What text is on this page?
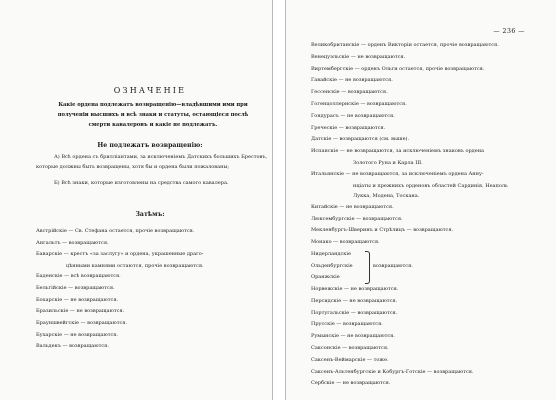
ОЗНАЧЕНІЕ
Какіе ордена подлежатъ возвращенію—владѣвшими ими при полученіи высшихъ и всѣ знаки и статуты, остающіеся послѣ смерти кавалеровъ и какіе не подлежатъ.
Не подлежатъ возвращенію:
А) Всѣ ордена съ бриллiантами, за исключеніемъ Датскихъ большихъ Брестовъ, которые должны быть возвращены, хотя бы и ордена были пожалованы;
Б) Всѣ знаки, которые изготовлены на средства самого кавалера.
Затѣмъ:
Австрійскіе — Св. Стефана остается, прочіе возвращаются.
Ангальтъ — возвращаются.
Баварскіе — крестъ «за заслугу» и ордена, украшенные драго-
цѣнными камнями остаются, прочіе возвращаются.
Баденскіе — всѣ возвращаются.
Бельгійскіе — возвращаются.
Бохарскіе — не возвращаются.
Бразильскіе — не возвращаются.
Брауншвейгскіе — возвращаются.
Бухарскіе — не возвращаются.
Вальдекъ — возвращаются.
— 236 —
Великобританскіе — орденъ Викторіи остается, прочіе возвращаются.
Венецуэльскіе — не возвращаются.
Виртембергскіе — орденъ Ольги остается, прочіе возвращаются.
Гавайскіе — не возвращаются.
Гессенскіе — возвращаются.
Гогенцоллернскіе — возвращаются.
Гондурасъ — не возвращаются.
Греческіе — возвращаются.
Датскіе — возвращаются (см. выше).
Испанскіе — не возвращаются, за исключеніемъ знаковъ ордена
Золотого Руна и Карла III.
Итальянскіе — не возвращаются, за исключеніемъ ордена Анну-
нціаты и прежнихъ орденовъ областей Сардинія, Неаполь
Лукка, Модена, Тоскана.
Китайскіе — не возвращаются.
Люксембургскіе — возвращаются.
Мекленбургъ-Шверинъ и Стрѣлицъ — возвращаются.
Монако — возвращаются.
Нидерландскіе
Ольденбургскіе
Оранжскіе
возвращаются.
Норвежскіе — не возвращаются.
Персидскіе — не возвращаются.
Португальскіе — возвращаются.
Прусскіе — возвращаются.
Румынскіе — не возвращаются.
Саксонскіе — возвращаются.
Саксенъ-Веймарскіе — тоже.
Саксенъ-Альтенбургскіе и Кобургъ-Готскіе — возвращаются.
Сербскіе — не возвращаются.
